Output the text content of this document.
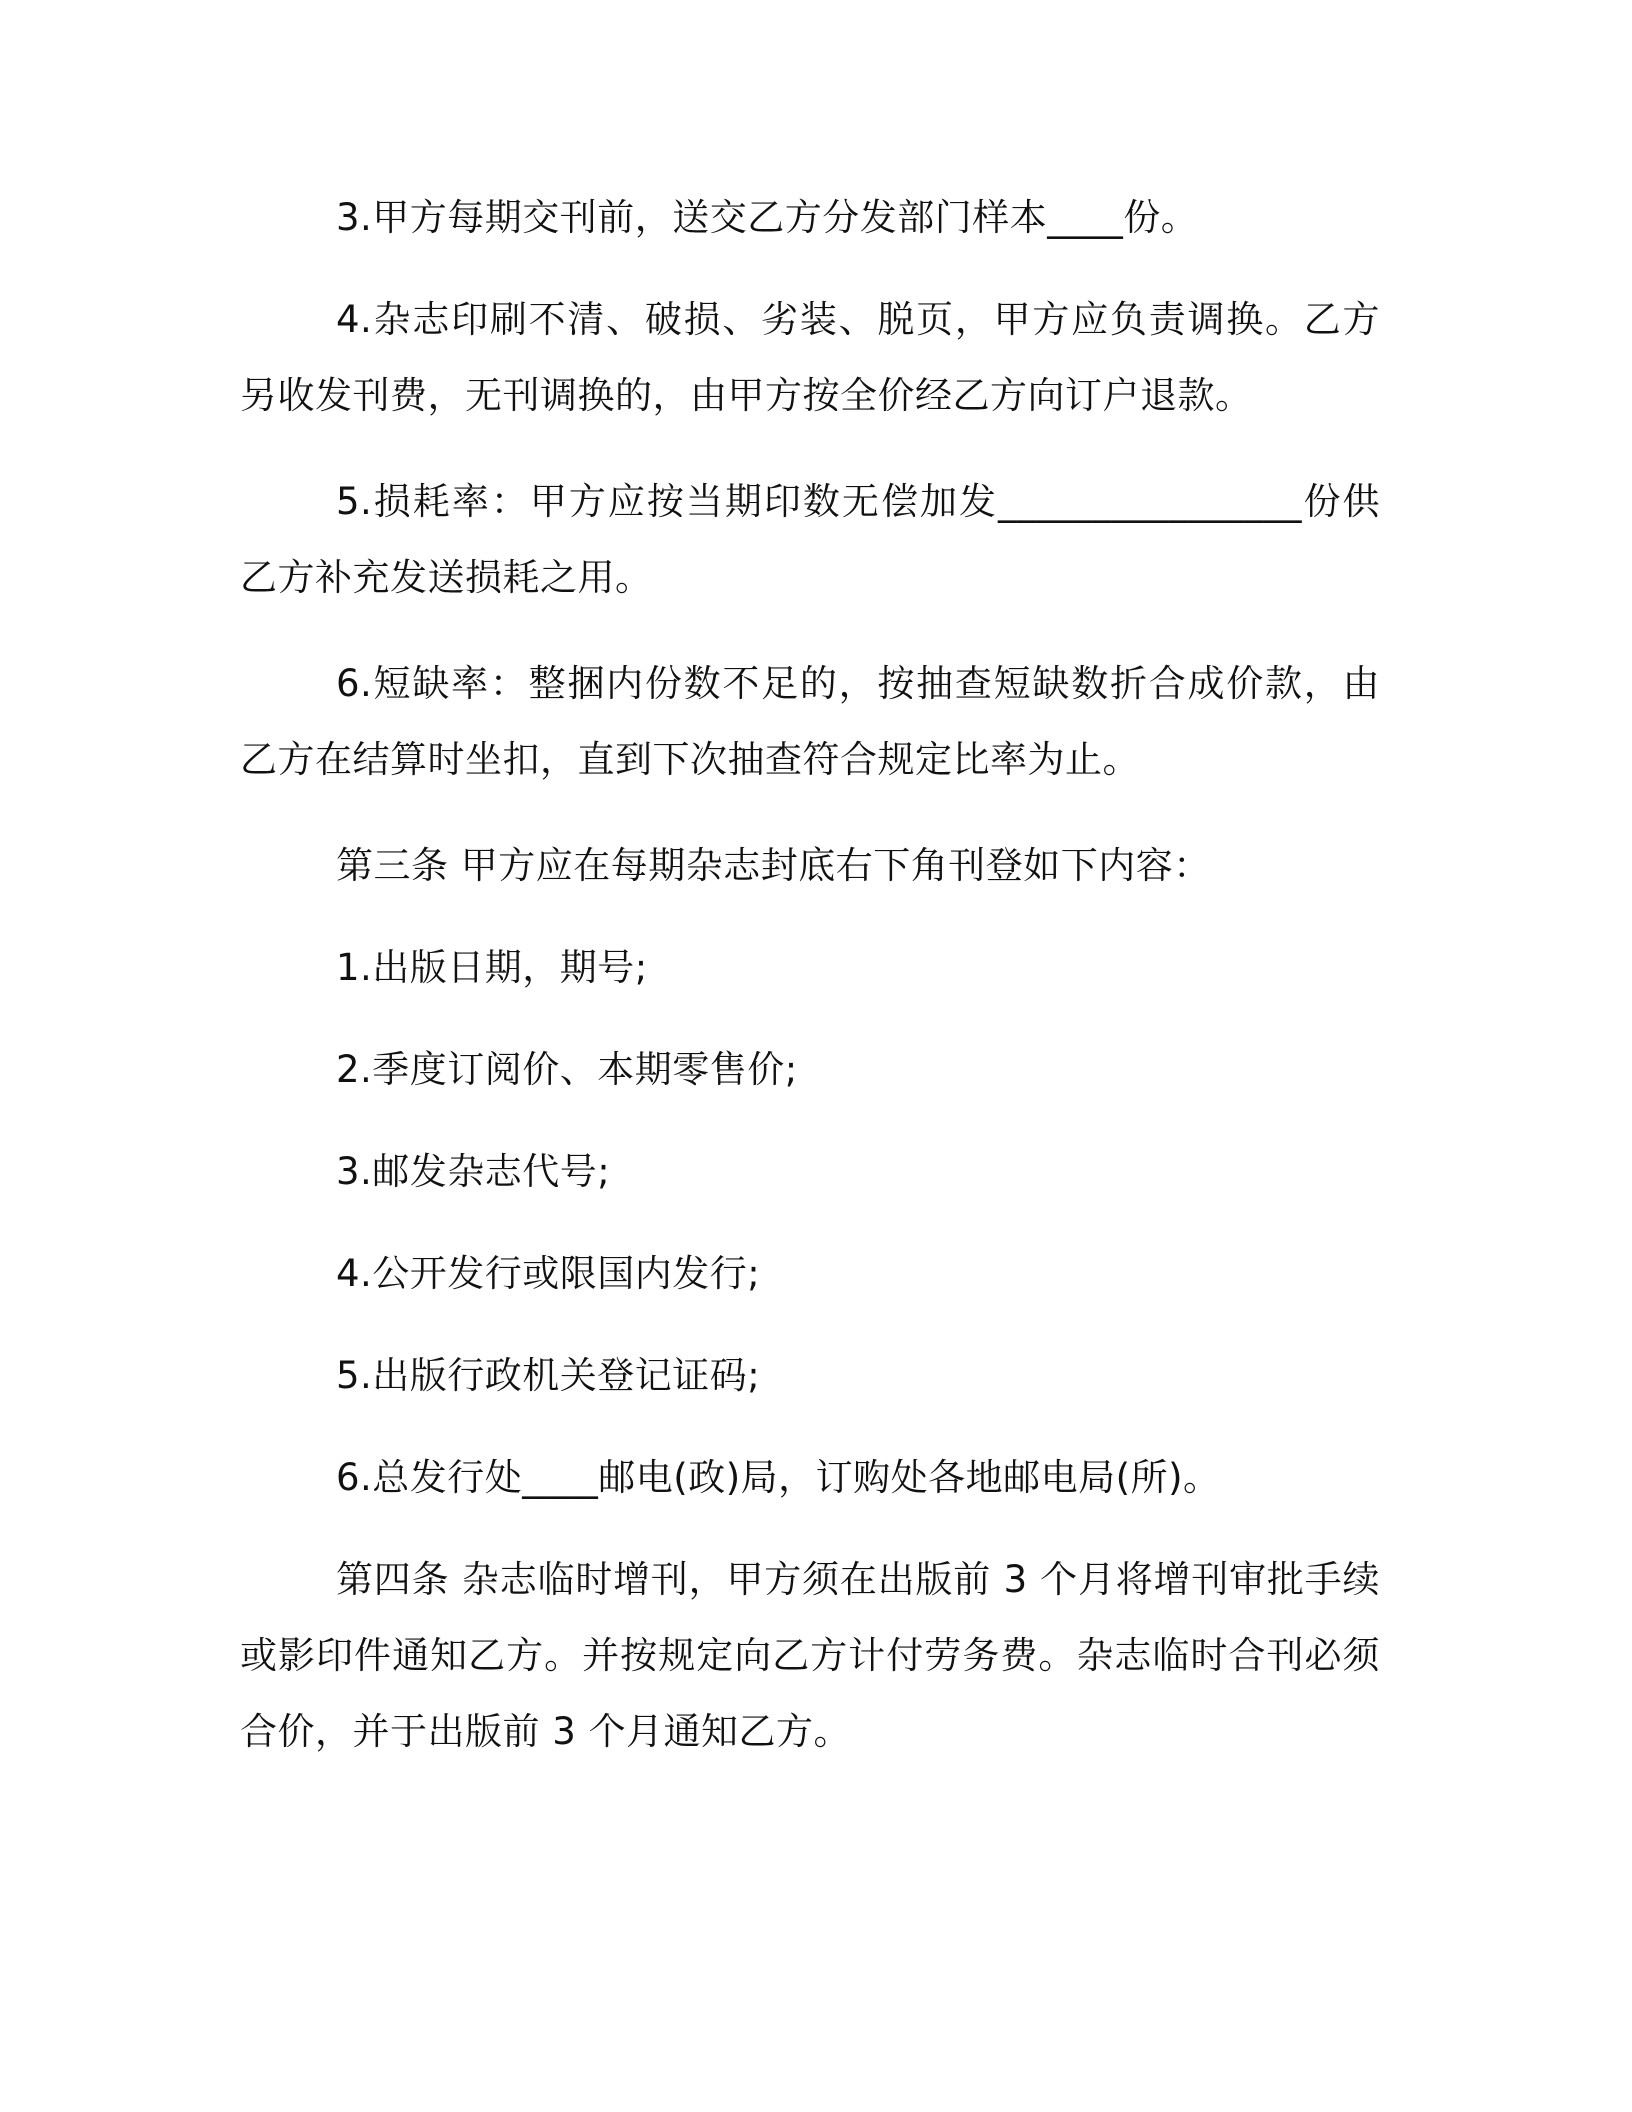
3.甲方每期交刊前，送交乙方分发部门样本____份。

4.杂志印刷不清、破损、劣装、脱页，甲方应负责调换。乙方另收发刊费，无刊调换的，由甲方按全价经乙方向订户退款。

5.损耗率：甲方应按当期印数无偿加发________________份供乙方补充发送损耗之用。

6.短缺率：整捆内份数不足的，按抽查短缺数折合成价款，由乙方在结算时坐扣，直到下次抽查符合规定比率为止。

第三条 甲方应在每期杂志封底右下角刊登如下内容：

1.出版日期，期号;

2.季度订阅价、本期零售价;

3.邮发杂志代号;

4.公开发行或限国内发行;

5.出版行政机关登记证码;

6.总发行处____邮电(政)局，订购处各地邮电局(所)。

第四条 杂志临时增刊，甲方须在出版前 3 个月将增刊审批手续或影印件通知乙方。并按规定向乙方计付劳务费。杂志临时合刊必须合价，并于出版前 3 个月通知乙方。
